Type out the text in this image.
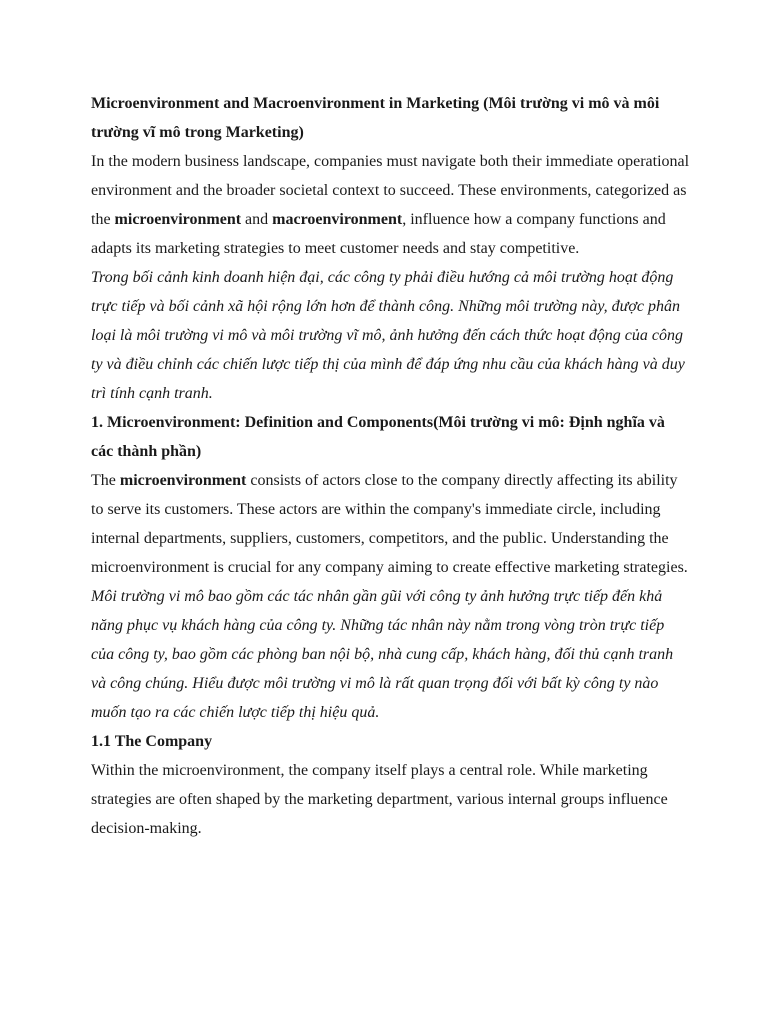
Microenvironment and Macroenvironment in Marketing (Môi trường vi mô và môi trường vĩ mô trong Marketing)

In the modern business landscape, companies must navigate both their immediate operational environment and the broader societal context to succeed. These environments, categorized as the microenvironment and macroenvironment, influence how a company functions and adapts its marketing strategies to meet customer needs and stay competitive.

Trong bối cảnh kinh doanh hiện đại, các công ty phải điều hướng cả môi trường hoạt động trực tiếp và bối cảnh xã hội rộng lớn hơn để thành công. Những môi trường này, được phân loại là môi trường vi mô và môi trường vĩ mô, ảnh hưởng đến cách thức hoạt động của công ty và điều chỉnh các chiến lược tiếp thị của mình để đáp ứng nhu cầu của khách hàng và duy trì tính cạnh tranh.

1. Microenvironment: Definition and Components(Môi trường vi mô: Định nghĩa và các thành phần)

The microenvironment consists of actors close to the company directly affecting its ability to serve its customers. These actors are within the company's immediate circle, including internal departments, suppliers, customers, competitors, and the public. Understanding the microenvironment is crucial for any company aiming to create effective marketing strategies.

Môi trường vi mô bao gồm các tác nhân gần gũi với công ty ảnh hưởng trực tiếp đến khả năng phục vụ khách hàng của công ty. Những tác nhân này nằm trong vòng tròn trực tiếp của công ty, bao gồm các phòng ban nội bộ, nhà cung cấp, khách hàng, đối thủ cạnh tranh và công chúng. Hiểu được môi trường vi mô là rất quan trọng đối với bất kỳ công ty nào muốn tạo ra các chiến lược tiếp thị hiệu quả.

1.1 The Company

Within the microenvironment, the company itself plays a central role. While marketing strategies are often shaped by the marketing department, various internal groups influence decision-making.
